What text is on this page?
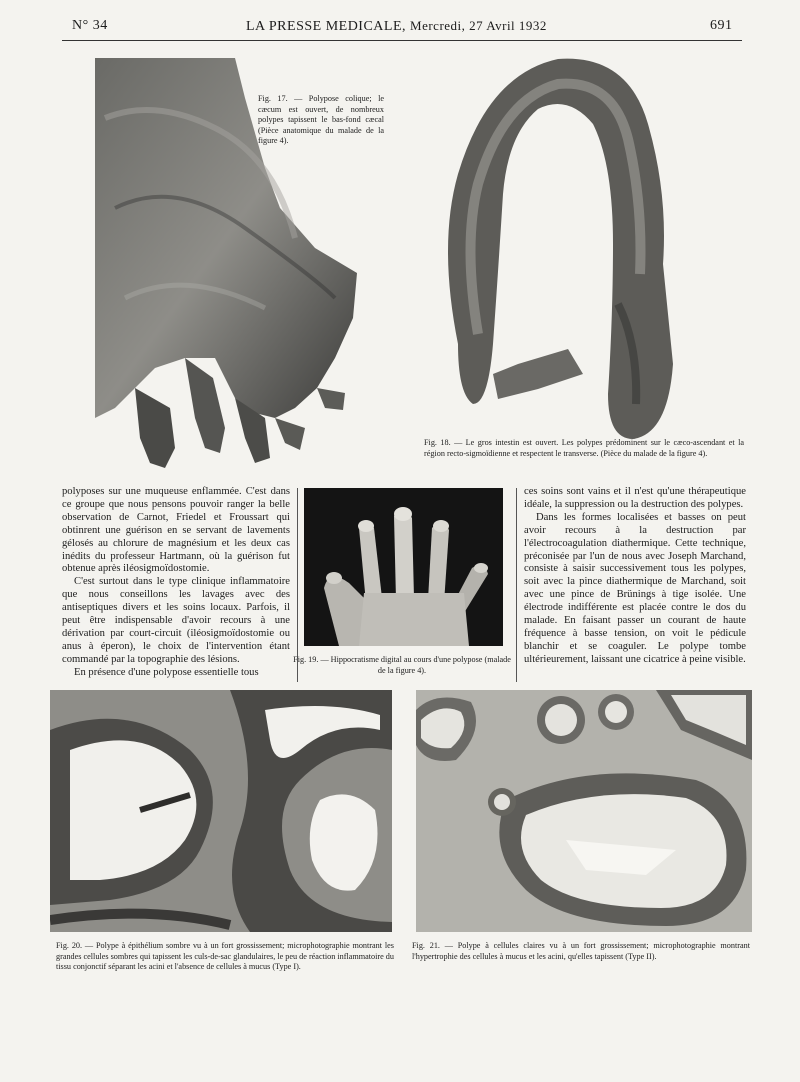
N° 34	LA PRESSE MEDICALE, Mercredi, 27 Avril 1932	691
Fig. 17. — Polypose colique; le cæcum est ouvert, de nombreux polypes tapissent le bas-fond cæcal (Pièce anatomique du malade de la figure 4).
Fig. 18. — Le gros intestin est ouvert. Les polypes prédominent sur le cæco-ascendant et la région recto-sigmoïdienne et respectent le transverse. (Pièce du malade de la figure 4).

polyposes sur une muqueuse enflammée. C'est dans ce groupe que nous pensons pouvoir ranger la belle observation de Carnot, Friedel et Froussart qui obtinrent une guérison en se servant de lavements gélosés au chlorure de magnésium et les deux cas inédits du professeur Hartmann, où la guérison fut obtenue après iléosigmoïdostomie.

C'est surtout dans le type clinique inflammatoire que nous conseillons les lavages avec des antiseptiques divers et les soins locaux. Parfois, il peut être indispensable d'avoir recours à une dérivation par court-circuit (iléosigmoïdostomie ou anus à éperon), le choix de l'intervention étant commandé par la topographie des lésions.

En présence d'une polypose essentielle tous

Fig. 19. — Hippocratisme digital au cours d'une polypose (malade de la figure 4).

ces soins sont vains et il n'est qu'une thérapeutique idéale, la suppression ou la destruction des polypes.

Dans les formes localisées et basses on peut avoir recours à la destruction par l'électrocoagulation diathermique. Cette technique, préconisée par l'un de nous avec Joseph Marchand, consiste à saisir successivement tous les polypes, soit avec la pince diathermique de Marchand, soit avec une pince de Brünings à tige isolée. Une électrode indifférente est placée contre le dos du malade. En faisant passer un courant de haute fréquence à basse tension, on voit le pédicule blanchir et se coaguler. Le polype tombe ultérieurement, laissant une cicatrice à peine visible.

Fig. 20. — Polype à épithélium sombre vu à un fort grossissement; microphotographie montrant les grandes cellules sombres qui tapissent les culs-de-sac glandulaires, le peu de réaction inflammatoire du tissu conjonctif séparant les acini et l'absence de cellules à mucus (Type I).
Fig. 21. — Polype à cellules claires vu à un fort grossissement; microphotographie montrant l'hypertrophie des cellules à mucus et les acini, qu'elles tapissent (Type II).
